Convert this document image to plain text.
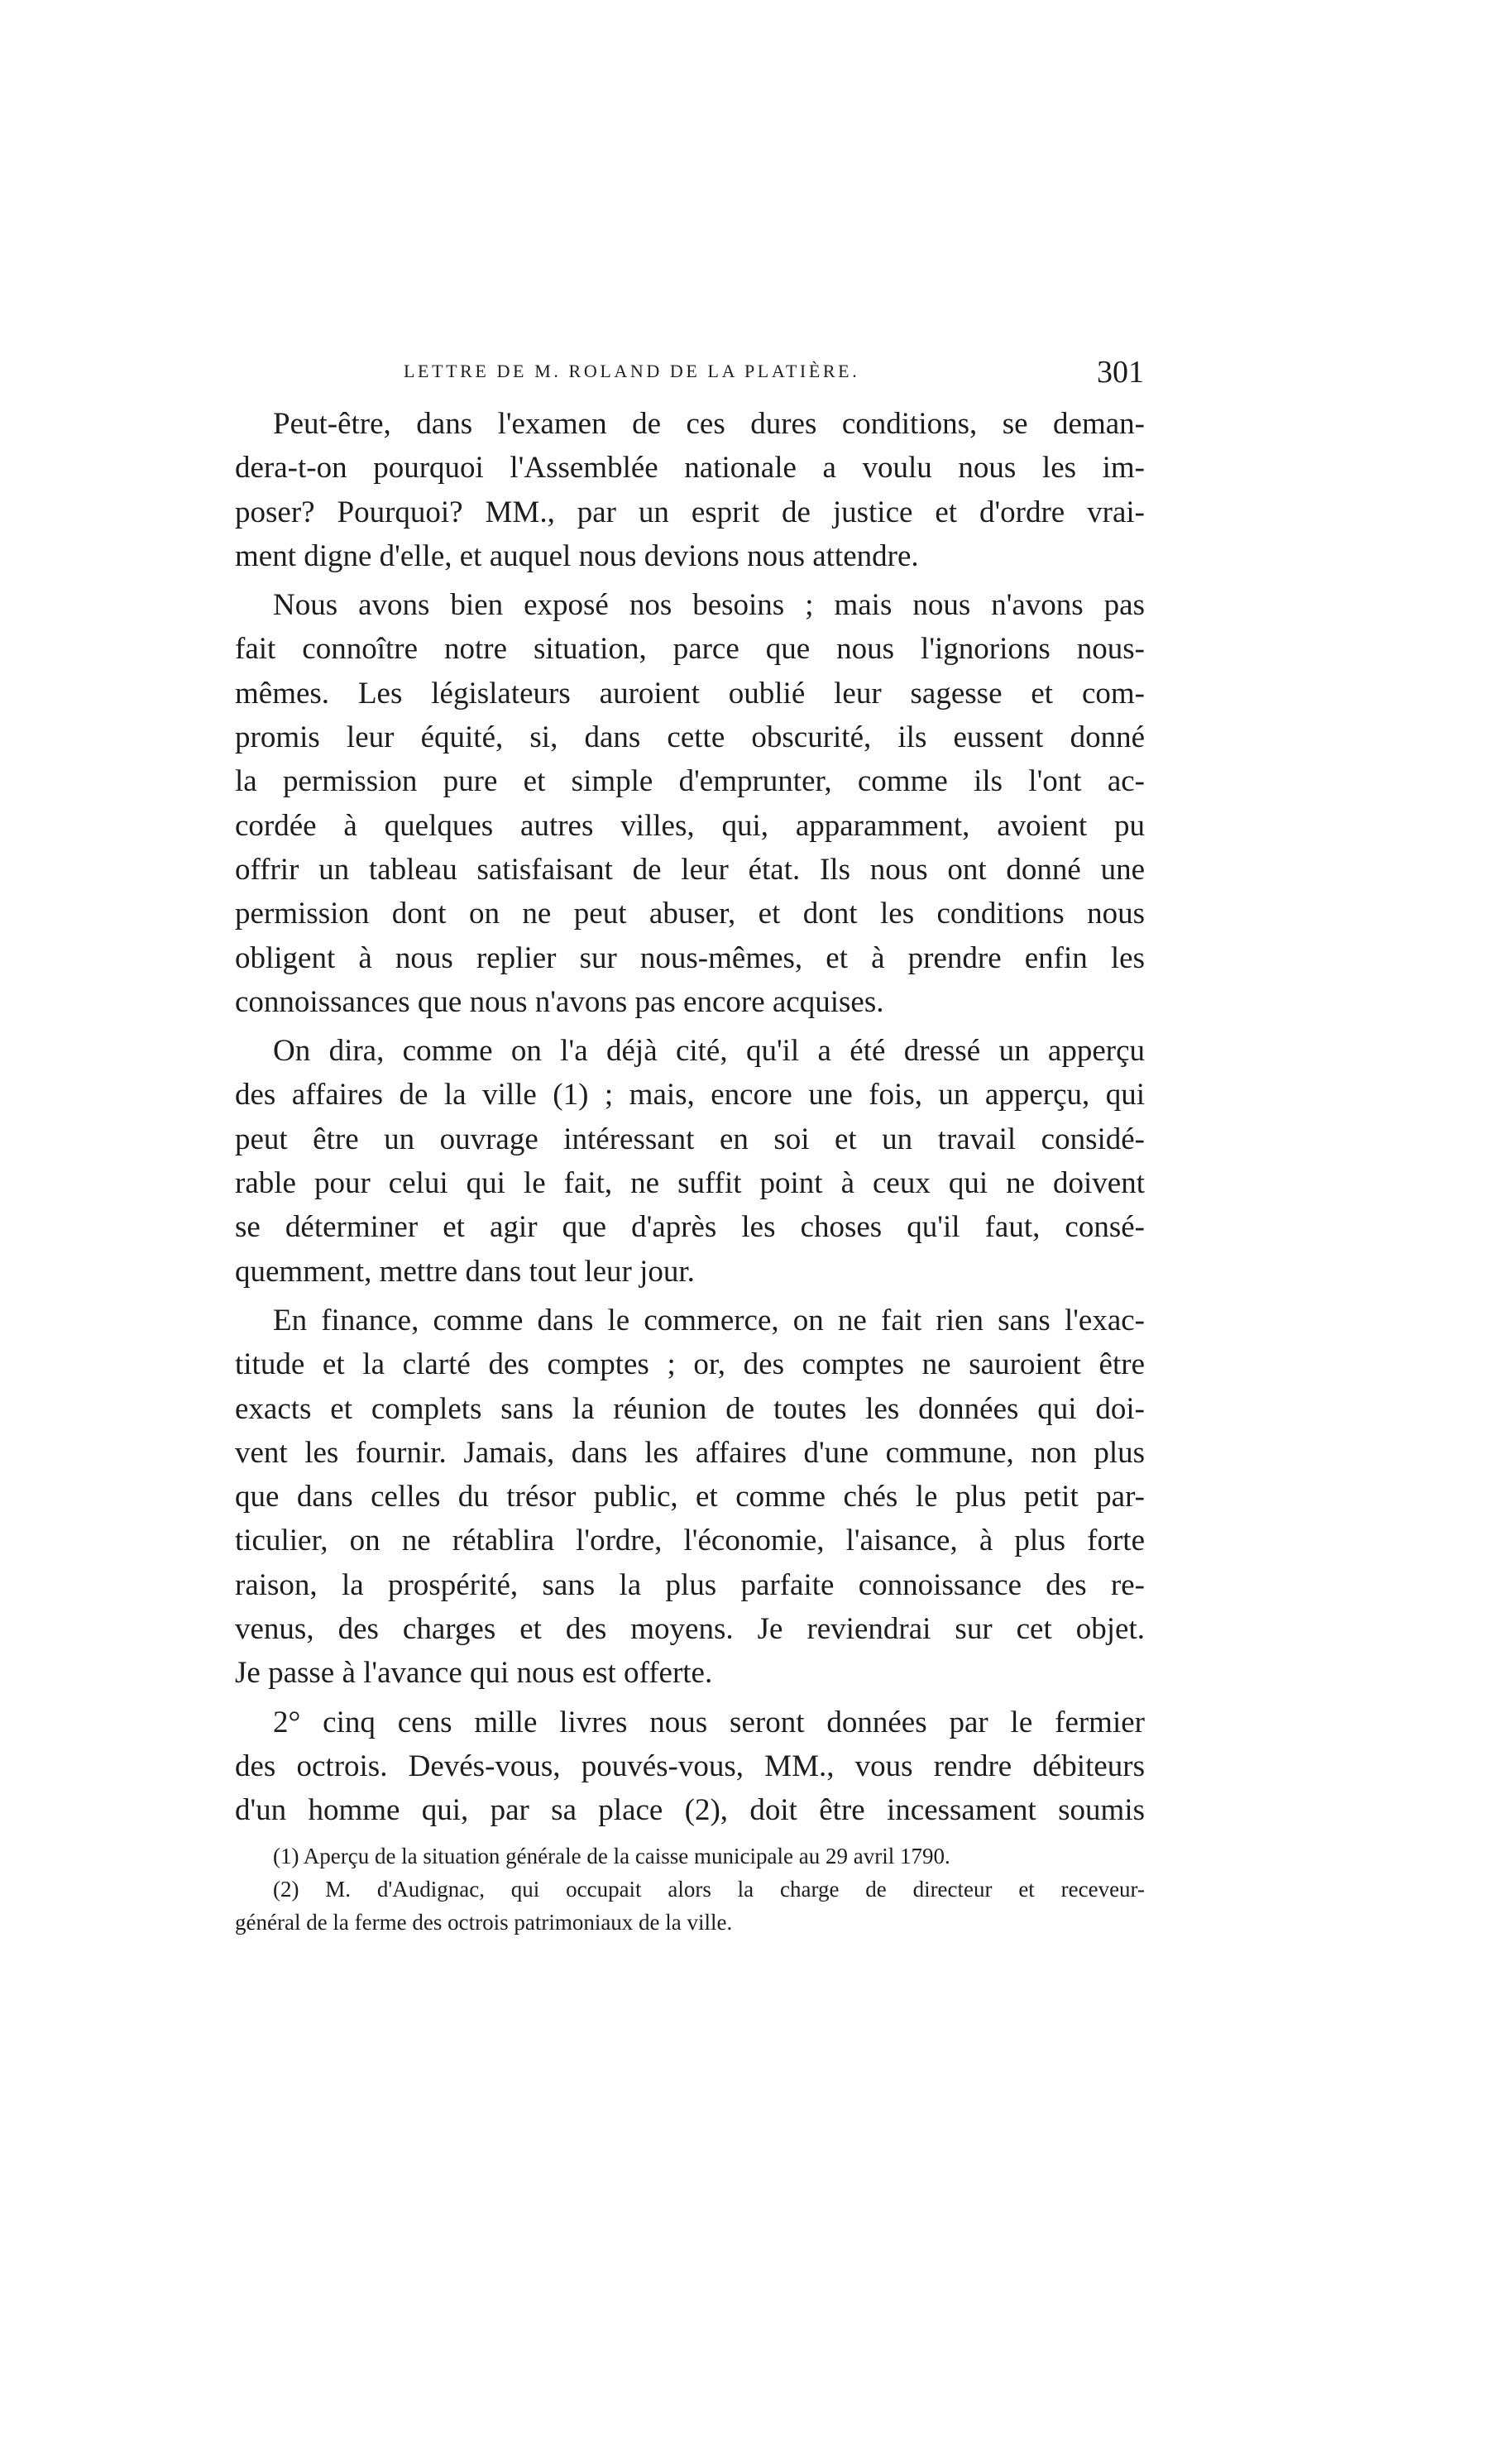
LETTRE DE M. ROLAND DE LA PLATIÈRE.	301

Peut-être, dans l'examen de ces dures conditions, se deman-
dera-t-on pourquoi l'Assemblée nationale a voulu nous les im-
poser? Pourquoi? MM., par un esprit de justice et d'ordre vrai-
ment digne d'elle, et auquel nous devions nous attendre.

Nous avons bien exposé nos besoins ; mais nous n'avons pas
fait connoître notre situation, parce que nous l'ignorions nous-
mêmes. Les législateurs auroient oublié leur sagesse et com-
promis leur équité, si, dans cette obscurité, ils eussent donné
la permission pure et simple d'emprunter, comme ils l'ont ac-
cordée à quelques autres villes, qui, apparamment, avoient pu
offrir un tableau satisfaisant de leur état. Ils nous ont donné une
permission dont on ne peut abuser, et dont les conditions nous
obligent à nous replier sur nous-mêmes, et à prendre enfin les
connoissances que nous n'avons pas encore acquises.

On dira, comme on l'a déjà cité, qu'il a été dressé un apperçu
des affaires de la ville (1) ; mais, encore une fois, un apperçu, qui
peut être un ouvrage intéressant en soi et un travail considé-
rable pour celui qui le fait, ne suffit point à ceux qui ne doivent
se déterminer et agir que d'après les choses qu'il faut, consé-
quemment, mettre dans tout leur jour.

En finance, comme dans le commerce, on ne fait rien sans l'exac-
titude et la clarté des comptes ; or, des comptes ne sauroient être
exacts et complets sans la réunion de toutes les données qui doi-
vent les fournir. Jamais, dans les affaires d'une commune, non plus
que dans celles du trésor public, et comme chés le plus petit par-
ticulier, on ne rétablira l'ordre, l'économie, l'aisance, à plus forte
raison, la prospérité, sans la plus parfaite connoissance des re-
venus, des charges et des moyens. Je reviendrai sur cet objet.
Je passe à l'avance qui nous est offerte.

2° cinq cens mille livres nous seront données par le fermier
des octrois. Devés-vous, pouvés-vous, MM., vous rendre débiteurs
d'un homme qui, par sa place (2), doit être incessament soumis

(1) Aperçu de la situation générale de la caisse municipale au 29 avril 1790.
(2) M. d'Audignac, qui occupait alors la charge de directeur et receveur-
général de la ferme des octrois patrimoniaux de la ville.
